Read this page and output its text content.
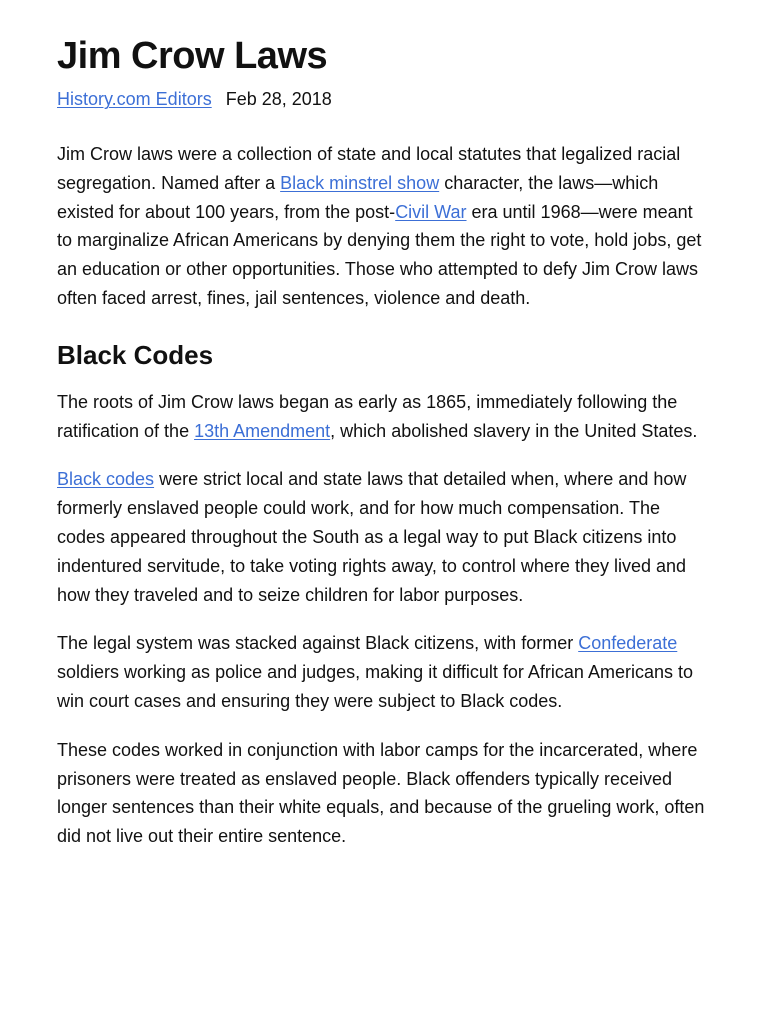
Jim Crow Laws
History.com Editors Feb 28, 2018

Jim Crow laws were a collection of state and local statutes that legalized racial segregation. Named after a Black minstrel show character, the laws—which existed for about 100 years, from the post-Civil War era until 1968—were meant to marginalize African Americans by denying them the right to vote, hold jobs, get an education or other opportunities. Those who attempted to defy Jim Crow laws often faced arrest, fines, jail sentences, violence and death.

Black Codes

The roots of Jim Crow laws began as early as 1865, immediately following the ratification of the 13th Amendment, which abolished slavery in the United States.

Black codes were strict local and state laws that detailed when, where and how formerly enslaved people could work, and for how much compensation. The codes appeared throughout the South as a legal way to put Black citizens into indentured servitude, to take voting rights away, to control where they lived and how they traveled and to seize children for labor purposes.

The legal system was stacked against Black citizens, with former Confederate soldiers working as police and judges, making it difficult for African Americans to win court cases and ensuring they were subject to Black codes.

These codes worked in conjunction with labor camps for the incarcerated, where prisoners were treated as enslaved people. Black offenders typically received longer sentences than their white equals, and because of the grueling work, often did not live out their entire sentence.
